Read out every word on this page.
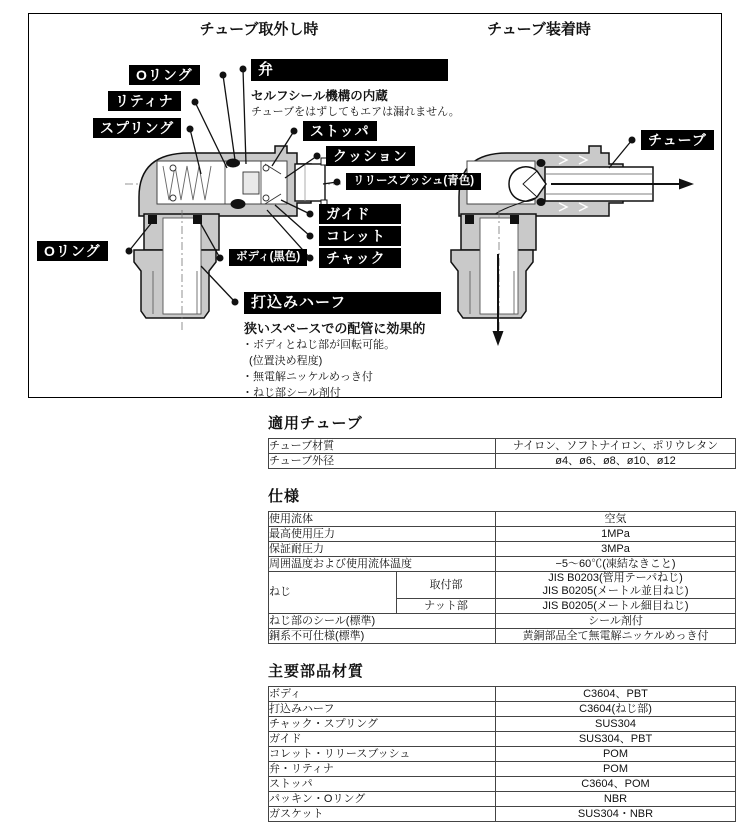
チューブ取外し時	チューブ装着時
Oリング	弁
リティナ
スプリング	ストッパ
クッション
リリースブッシュ(青色)
ガイド
コレット
チャック
ボディ(黒色)
Oリング
打込みハーフ
チューブ
セルフシール機構の内蔵
チューブをはずしてもエアは漏れません。
狭いスペースでの配管に効果的
・ボディとねじ部が回転可能。
(位置決め程度)
・無電解ニッケルめっき付
・ねじ部シール剤付
適用チューブ
チューブ材質	ナイロン、ソフトナイロン、ポリウレタン
チューブ外径	ø4、ø6、ø8、ø10、ø12
仕様
使用流体		空気
最高使用圧力		1MPa
保証耐圧力		3MPa
周囲温度および使用流体温度		−5〜60℃(凍結なきこと)
ねじ	取付部	JIS B0203(管用テーパねじ)
JIS B0205(メートル並目ねじ)
	ナット部	JIS B0205(メートル細目ねじ)
ねじ部のシール(標準)		シール剤付
銅系不可仕様(標準)		黄銅部品全て無電解ニッケルめっき付
主要部品材質
ボディ	C3604、PBT
打込みハーフ	C3604(ねじ部)
チャック・スプリング	SUS304
ガイド	SUS304、PBT
コレット・リリースブッシュ	POM
弁・リティナ	POM
ストッパ	C3604、POM
パッキン・Oリング	NBR
ガスケット	SUS304・NBR
